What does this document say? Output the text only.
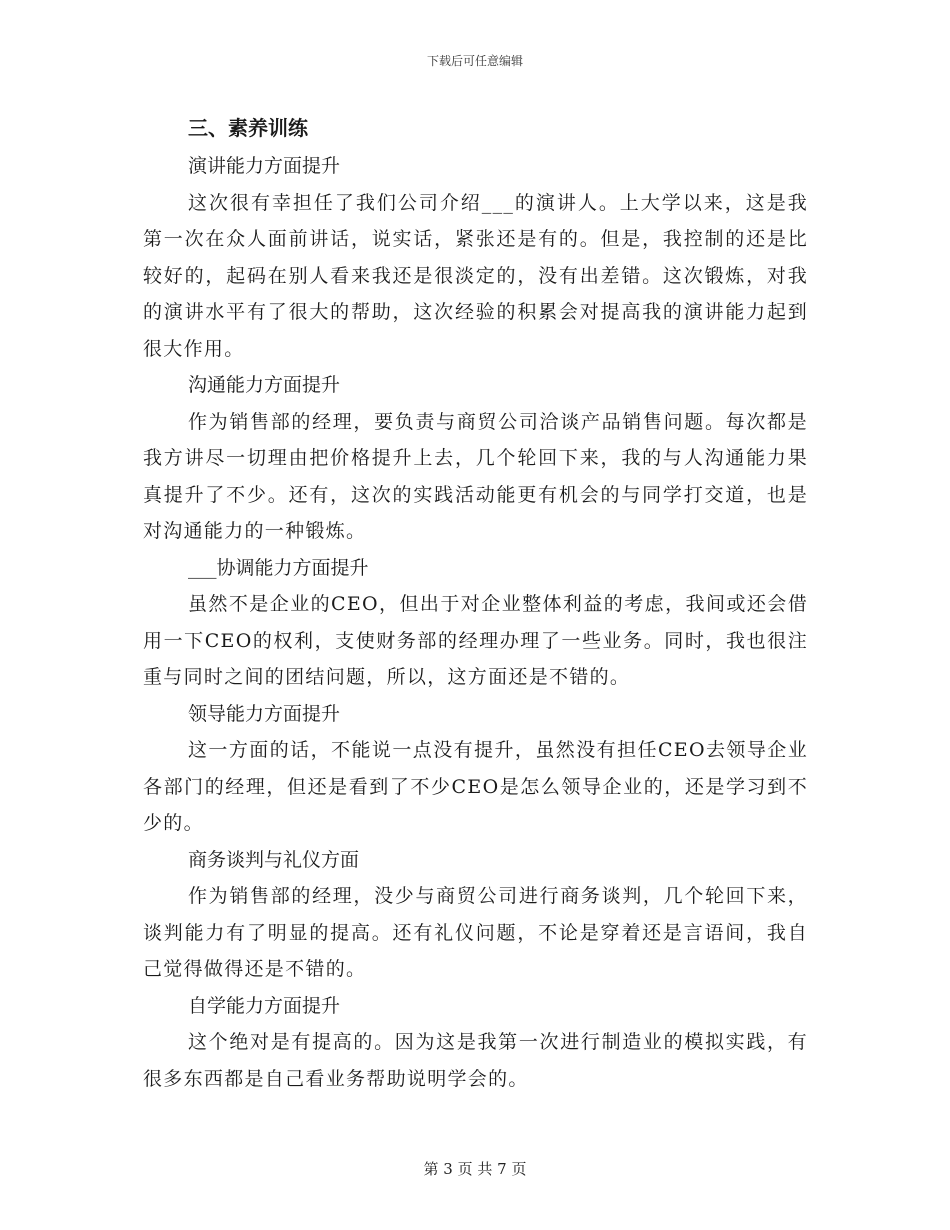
下载后可任意编辑
三、素养训练

演讲能力方面提升

这次很有幸担任了我们公司介绍___的演讲人。上大学以来，这是我第一次在众人面前讲话，说实话，紧张还是有的。但是，我控制的还是比较好的，起码在别人看来我还是很淡定的，没有出差错。这次锻炼，对我的演讲水平有了很大的帮助，这次经验的积累会对提高我的演讲能力起到很大作用。

沟通能力方面提升

作为销售部的经理，要负责与商贸公司洽谈产品销售问题。每次都是我方讲尽一切理由把价格提升上去，几个轮回下来，我的与人沟通能力果真提升了不少。还有，这次的实践活动能更有机会的与同学打交道，也是对沟通能力的一种锻炼。

___协调能力方面提升

虽然不是企业的CEO，但出于对企业整体利益的考虑，我间或还会借用一下CEO的权利，支使财务部的经理办理了一些业务。同时，我也很注重与同时之间的团结问题，所以，这方面还是不错的。

领导能力方面提升

这一方面的话，不能说一点没有提升，虽然没有担任CEO去领导企业各部门的经理，但还是看到了不少CEO是怎么领导企业的，还是学习到不少的。

商务谈判与礼仪方面

作为销售部的经理，没少与商贸公司进行商务谈判，几个轮回下来，谈判能力有了明显的提高。还有礼仪问题，不论是穿着还是言语间，我自己觉得做得还是不错的。

自学能力方面提升

这个绝对是有提高的。因为这是我第一次进行制造业的模拟实践，有很多东西都是自己看业务帮助说明学会的。

第 3 页 共 7 页
